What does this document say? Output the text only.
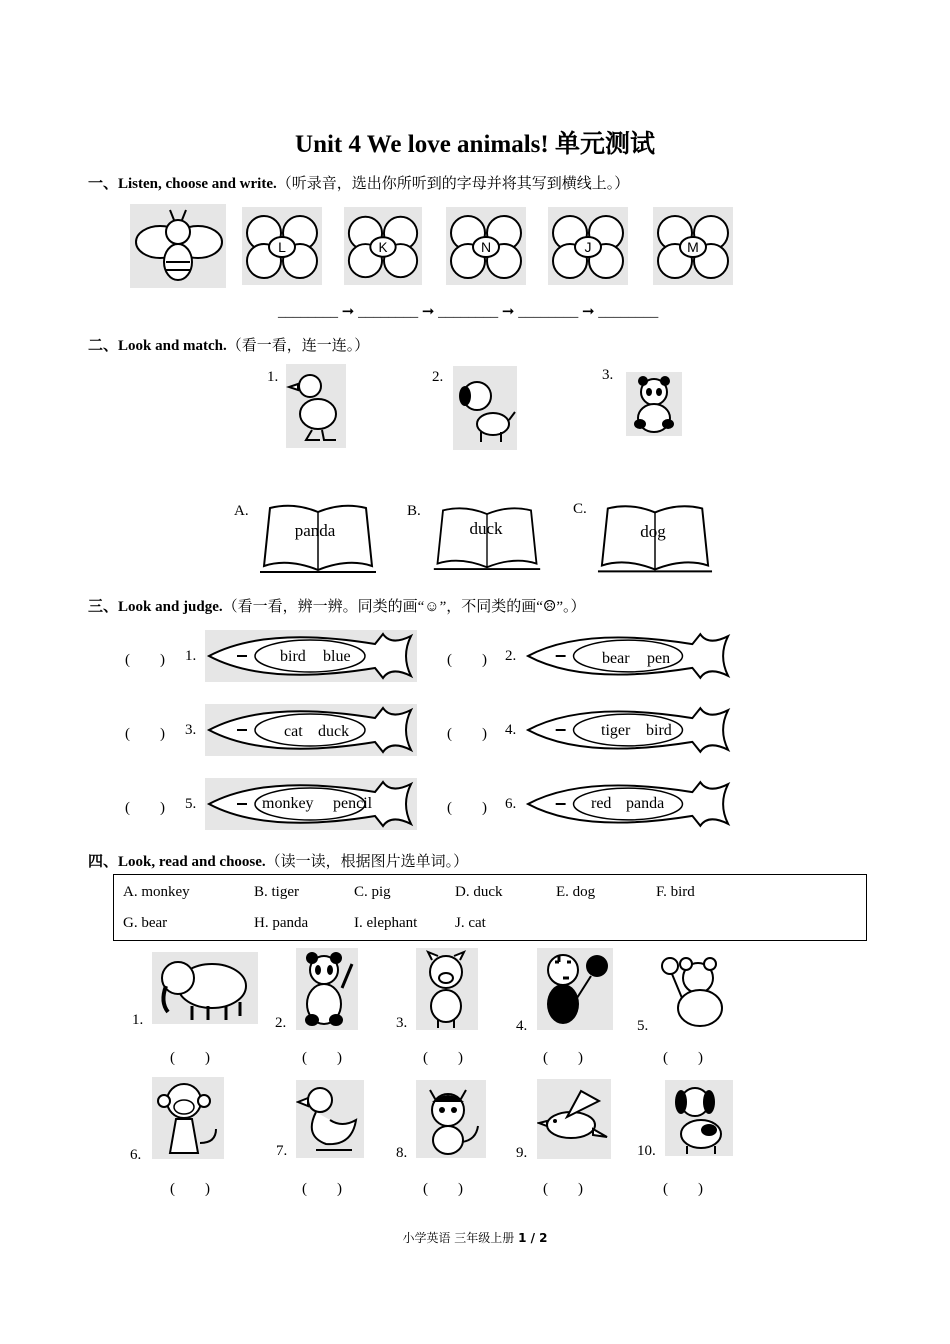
Unit 4 We love animals! 单元测试
一、Listen, choose and write.（听录音，选出你所听到的字母并将其写到横线上。）
L	K	N	J	M
________ ➞ ________ ➞ ________ ➞ ________ ➞ ________
二、Look and match.（看一看，连一连。）
1.	2.	3.
A.
panda
B.
duck
C.
dog
三、Look and judge.（看一看，辨一辨。同类的画“☺”，不同类的画“☹”。）
(　　) 1.	bird blue	(　　) 2.	bear pen
(　　) 3.	cat duck	(　　) 4.	tiger bird
(　　) 5.	monkey pencil	(　　) 6.	red panda
四、Look, read and choose.（读一读，根据图片选单词。）
A. monkey	B. tiger	C. pig	D. duck	E. dog	F. bird
G. bear	H. panda	I. elephant	J. cat
1.
(　　)
2.
(　　)
3.
(　　)
4.
(　　)
5.
(　　)
6.
(　　)
7.
(　　)
8.
(　　)
9.
(　　)
10.
(　　)
小学英语 三年级上册 1 / 2
